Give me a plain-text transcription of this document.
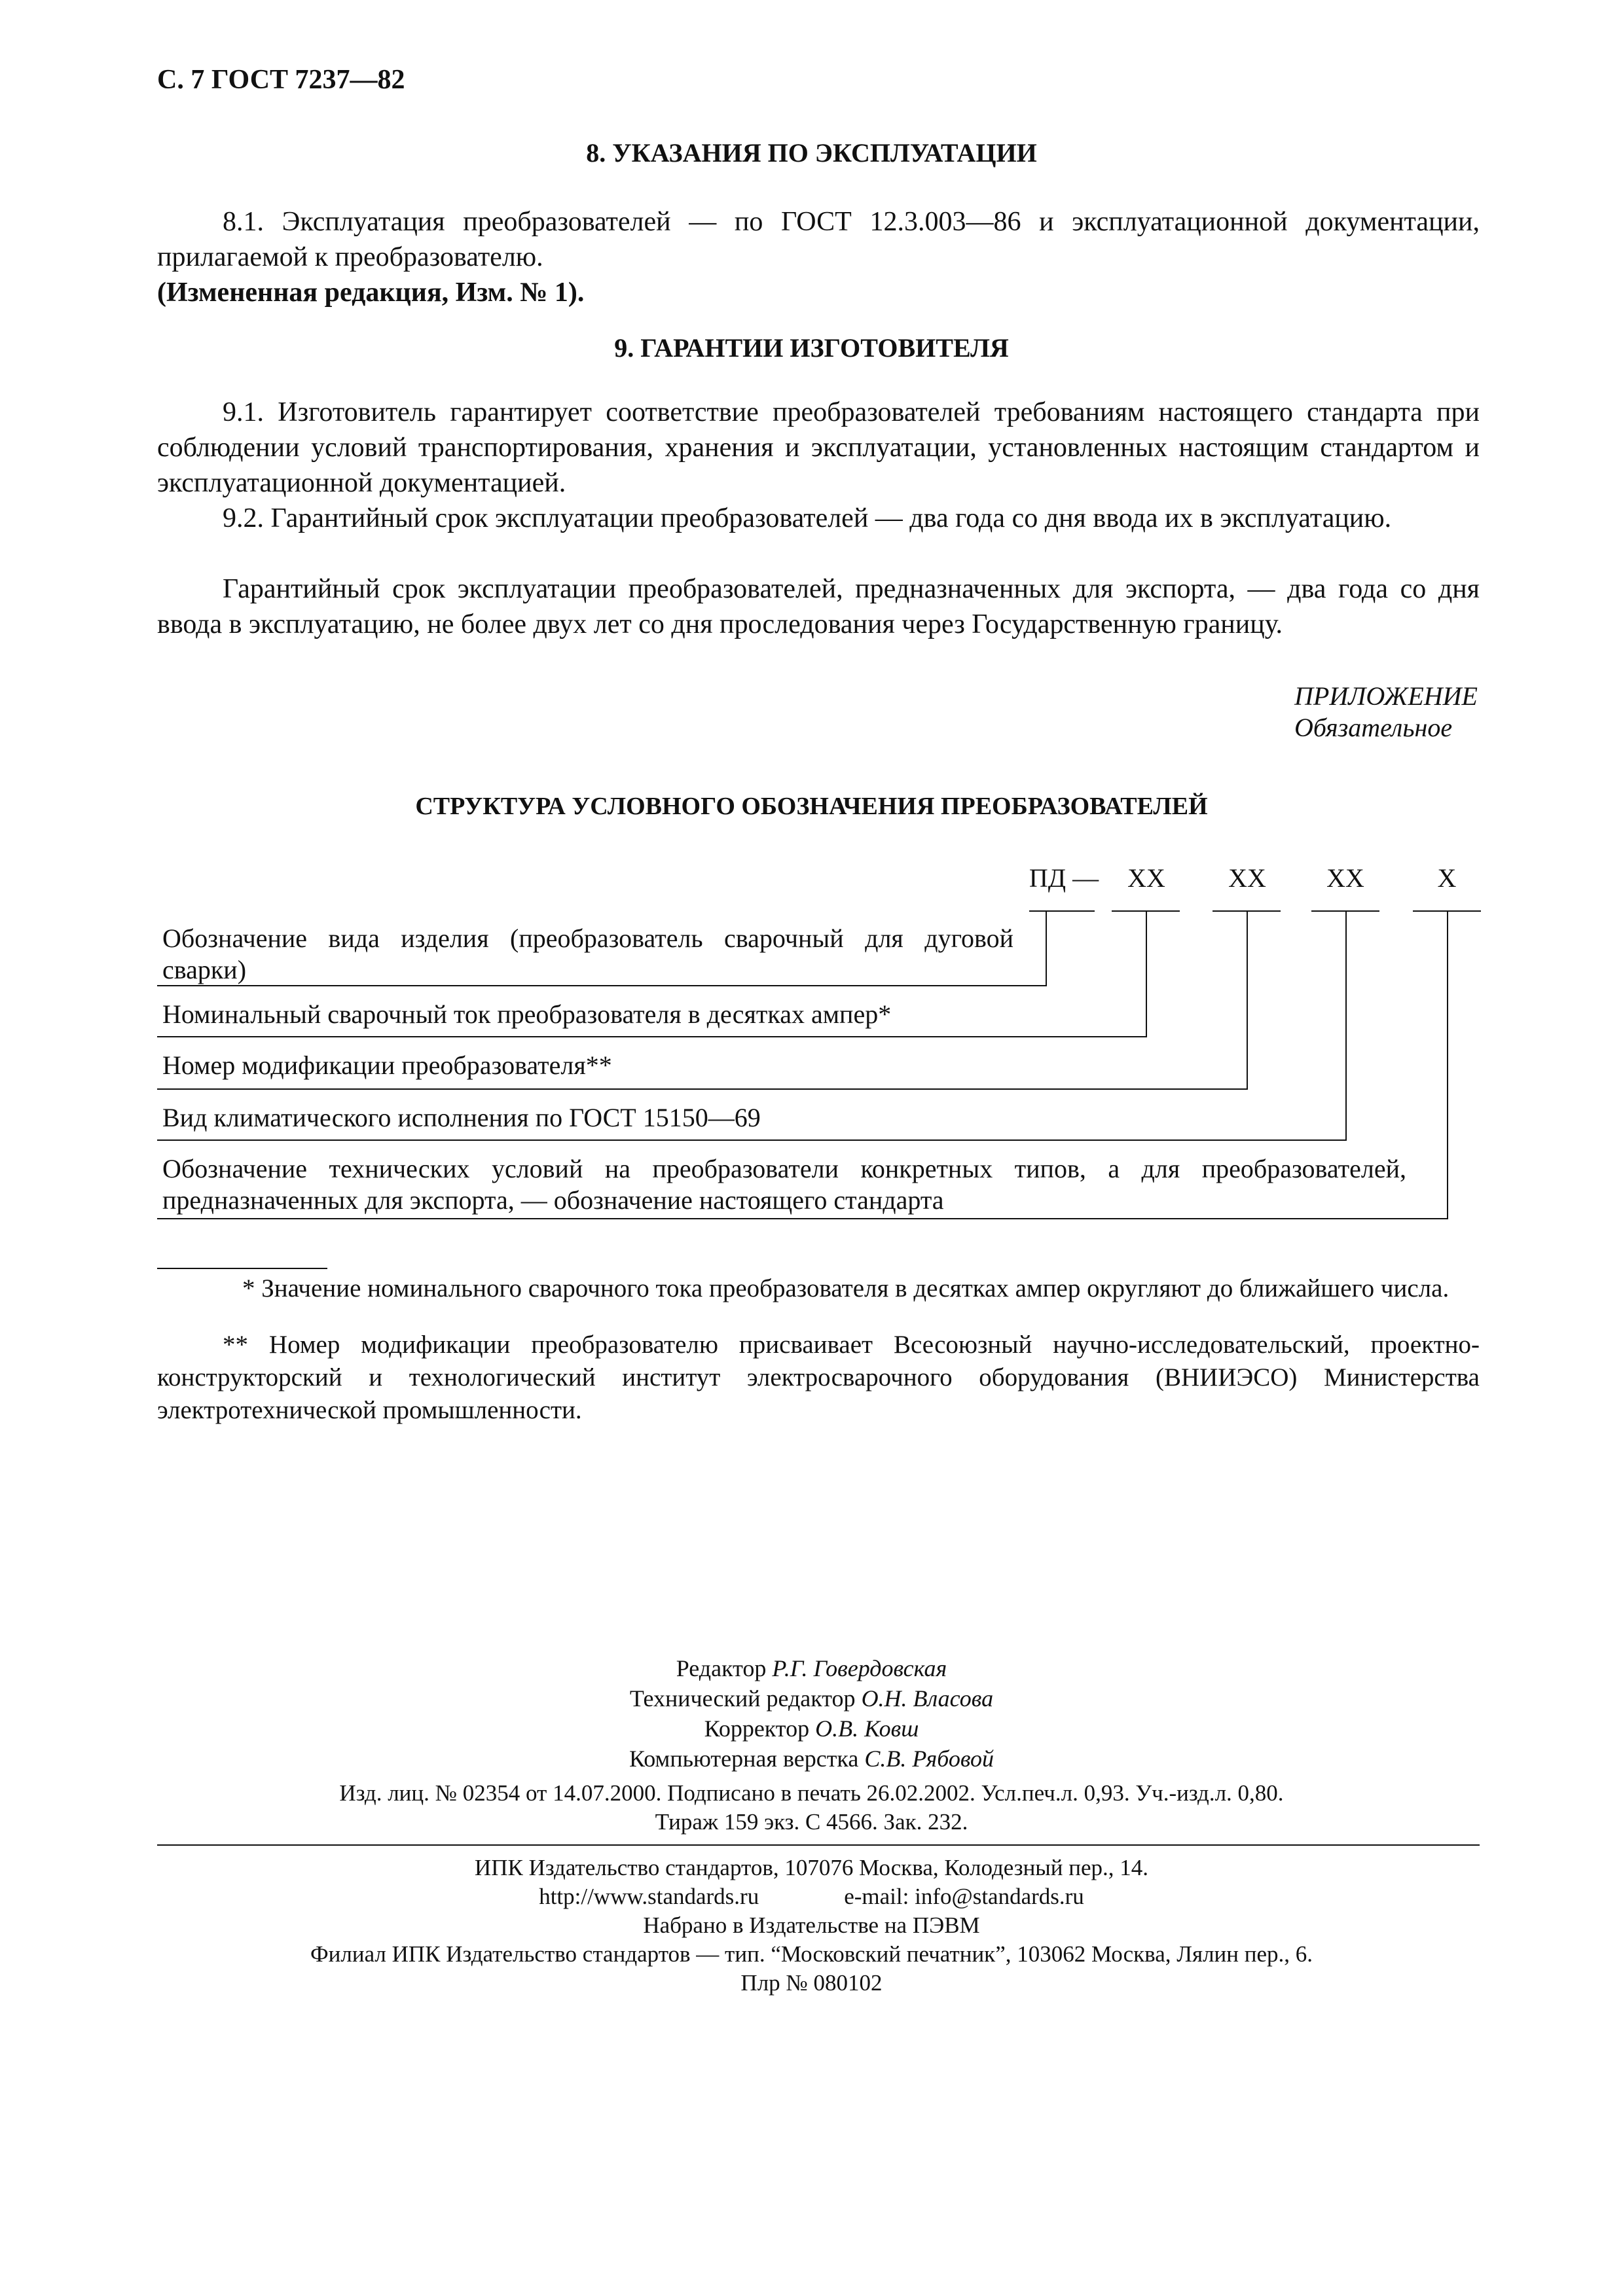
С. 7 ГОСТ 7237—82
8. УКАЗАНИЯ ПО ЭКСПЛУАТАЦИИ
8.1. Эксплуатация преобразователей — по ГОСТ 12.3.003—86 и эксплуатационной документации, прилагаемой к преобразователю.
(Измененная редакция, Изм. № 1).
9. ГАРАНТИИ ИЗГОТОВИТЕЛЯ
9.1. Изготовитель гарантирует соответствие преобразователей требованиям настоящего стандарта при соблюдении условий транспортирования, хранения и эксплуатации, установленных настоящим стандартом и эксплуатационной документацией.
9.2. Гарантийный срок эксплуатации преобразователей — два года со дня ввода их в эксплуатацию.
Гарантийный срок эксплуатации преобразователей, предназначенных для экспорта, — два года со дня ввода в эксплуатацию, не более двух лет со дня проследования через Государственную границу.
ПРИЛОЖЕНИЕ
Обязательное
СТРУКТУРА УСЛОВНОГО ОБОЗНАЧЕНИЯ ПРЕОБРАЗОВАТЕЛЕЙ
ПД —	ХХ	ХХ	ХХ	Х
Обозначение вида изделия (преобразователь сварочный для дуговой сварки)
Номинальный сварочный ток преобразователя в десятках ампер*
Номер модификации преобразователя**
Вид климатического исполнения по ГОСТ 15150—69
Обозначение технических условий на преобразователи конкретных типов, а для преобразователей, предназначенных для экспорта, — обозначение настоящего стандарта
* Значение номинального сварочного тока преобразователя в десятках ампер округляют до ближайшего числа.
** Номер модификации преобразователю присваивает Всесоюзный научно-исследовательский, проектно-конструкторский и технологический институт электросварочного оборудования (ВНИИЭСО) Министерства электротехнической промышленности.
Редактор Р.Г. Говердовская
Технический редактор О.Н. Власова
Корректор О.В. Ковш
Компьютерная верстка С.В. Рябовой
Изд. лиц. № 02354 от 14.07.2000. Подписано в печать 26.02.2002. Усл.печ.л. 0,93. Уч.-изд.л. 0,80.
Тираж 159 экз. С 4566. Зак. 232.
ИПК Издательство стандартов, 107076 Москва, Колодезный пер., 14.
http://www.standards.ru	e-mail: info@standards.ru
Набрано в Издательстве на ПЭВМ
Филиал ИПК Издательство стандартов — тип. “Московский печатник”, 103062 Москва, Лялин пер., 6.
Плр № 080102
